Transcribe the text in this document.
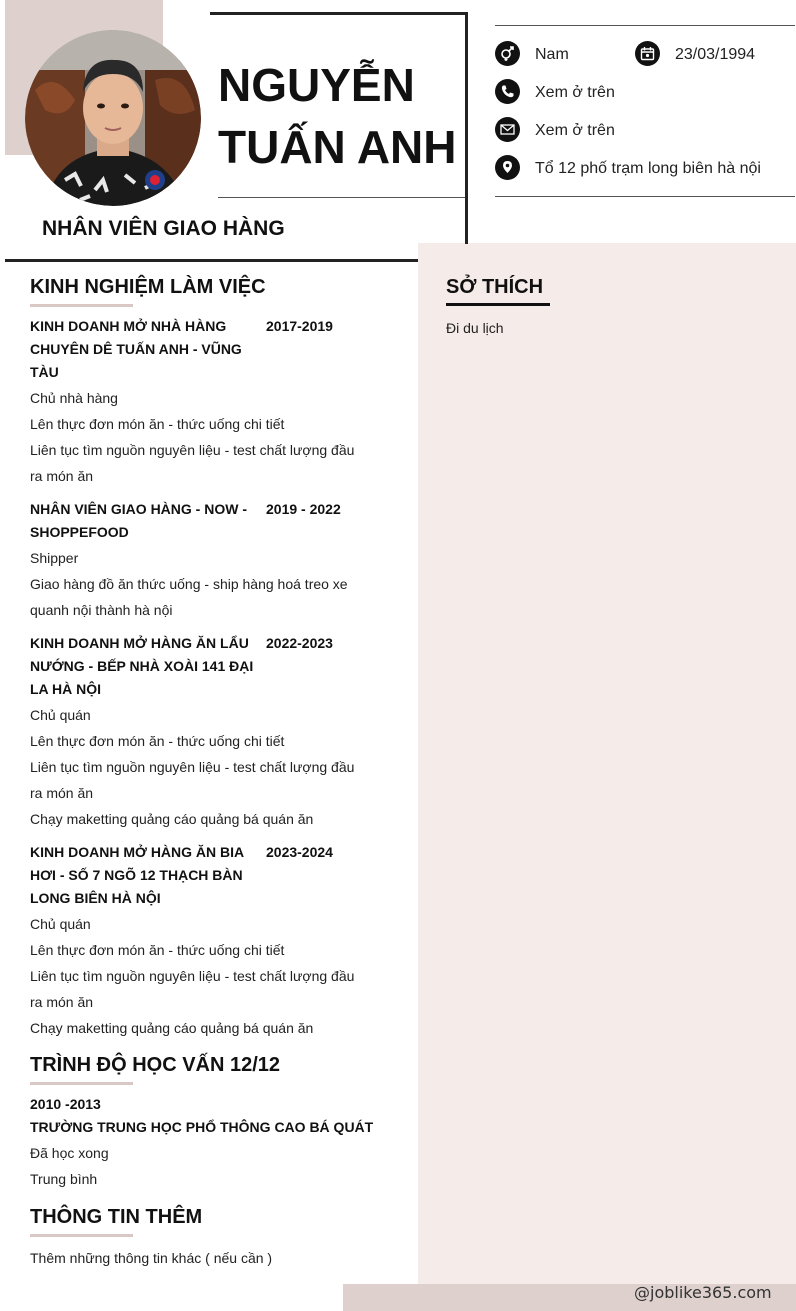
NGUYỄN
TUẤN ANH
NHÂN VIÊN GIAO HÀNG
Nam	23/03/1994
Xem ở trên
Xem ở trên
Tổ 12 phố trạm long biên hà nội
KINH NGHIỆM LÀM VIỆC
KINH DOANH MỞ NHÀ HÀNG
CHUYÊN DÊ TUẤN ANH - VŨNG
TÀU
2017-2019
Chủ nhà hàng
Lên thực đơn món ăn - thức uống chi tiết
Liên tục tìm nguồn nguyên liệu - test chất lượng đầu
ra món ăn
NHÂN VIÊN GIAO HÀNG - NOW -
SHOPPEFOOD
2019 - 2022
Shipper
Giao hàng đồ ăn thức uống - ship hàng hoá treo xe
quanh nội thành hà nội
KINH DOANH MỞ HÀNG ĂN LẨU
NƯỚNG - BẾP NHÀ XOÀI 141 ĐẠI
LA HÀ NỘI
2022-2023
Chủ quán
Lên thực đơn món ăn - thức uống chi tiết
Liên tục tìm nguồn nguyên liệu - test chất lượng đầu
ra món ăn
Chạy maketting quảng cáo quảng bá quán ăn
KINH DOANH MỞ HÀNG ĂN BIA
HƠI - SỐ 7 NGÕ 12 THẠCH BÀN
LONG BIÊN HÀ NỘI
2023-2024
Chủ quán
Lên thực đơn món ăn - thức uống chi tiết
Liên tục tìm nguồn nguyên liệu - test chất lượng đầu
ra món ăn
Chạy maketting quảng cáo quảng bá quán ăn
TRÌNH ĐỘ HỌC VẤN 12/12
2010 -2013
TRƯỜNG TRUNG HỌC PHỔ THÔNG CAO BÁ QUÁT
Đã học xong
Trung bình
THÔNG TIN THÊM
Thêm những thông tin khác ( nếu cần )
SỞ THÍCH
Đi du lịch
@joblike365.com
